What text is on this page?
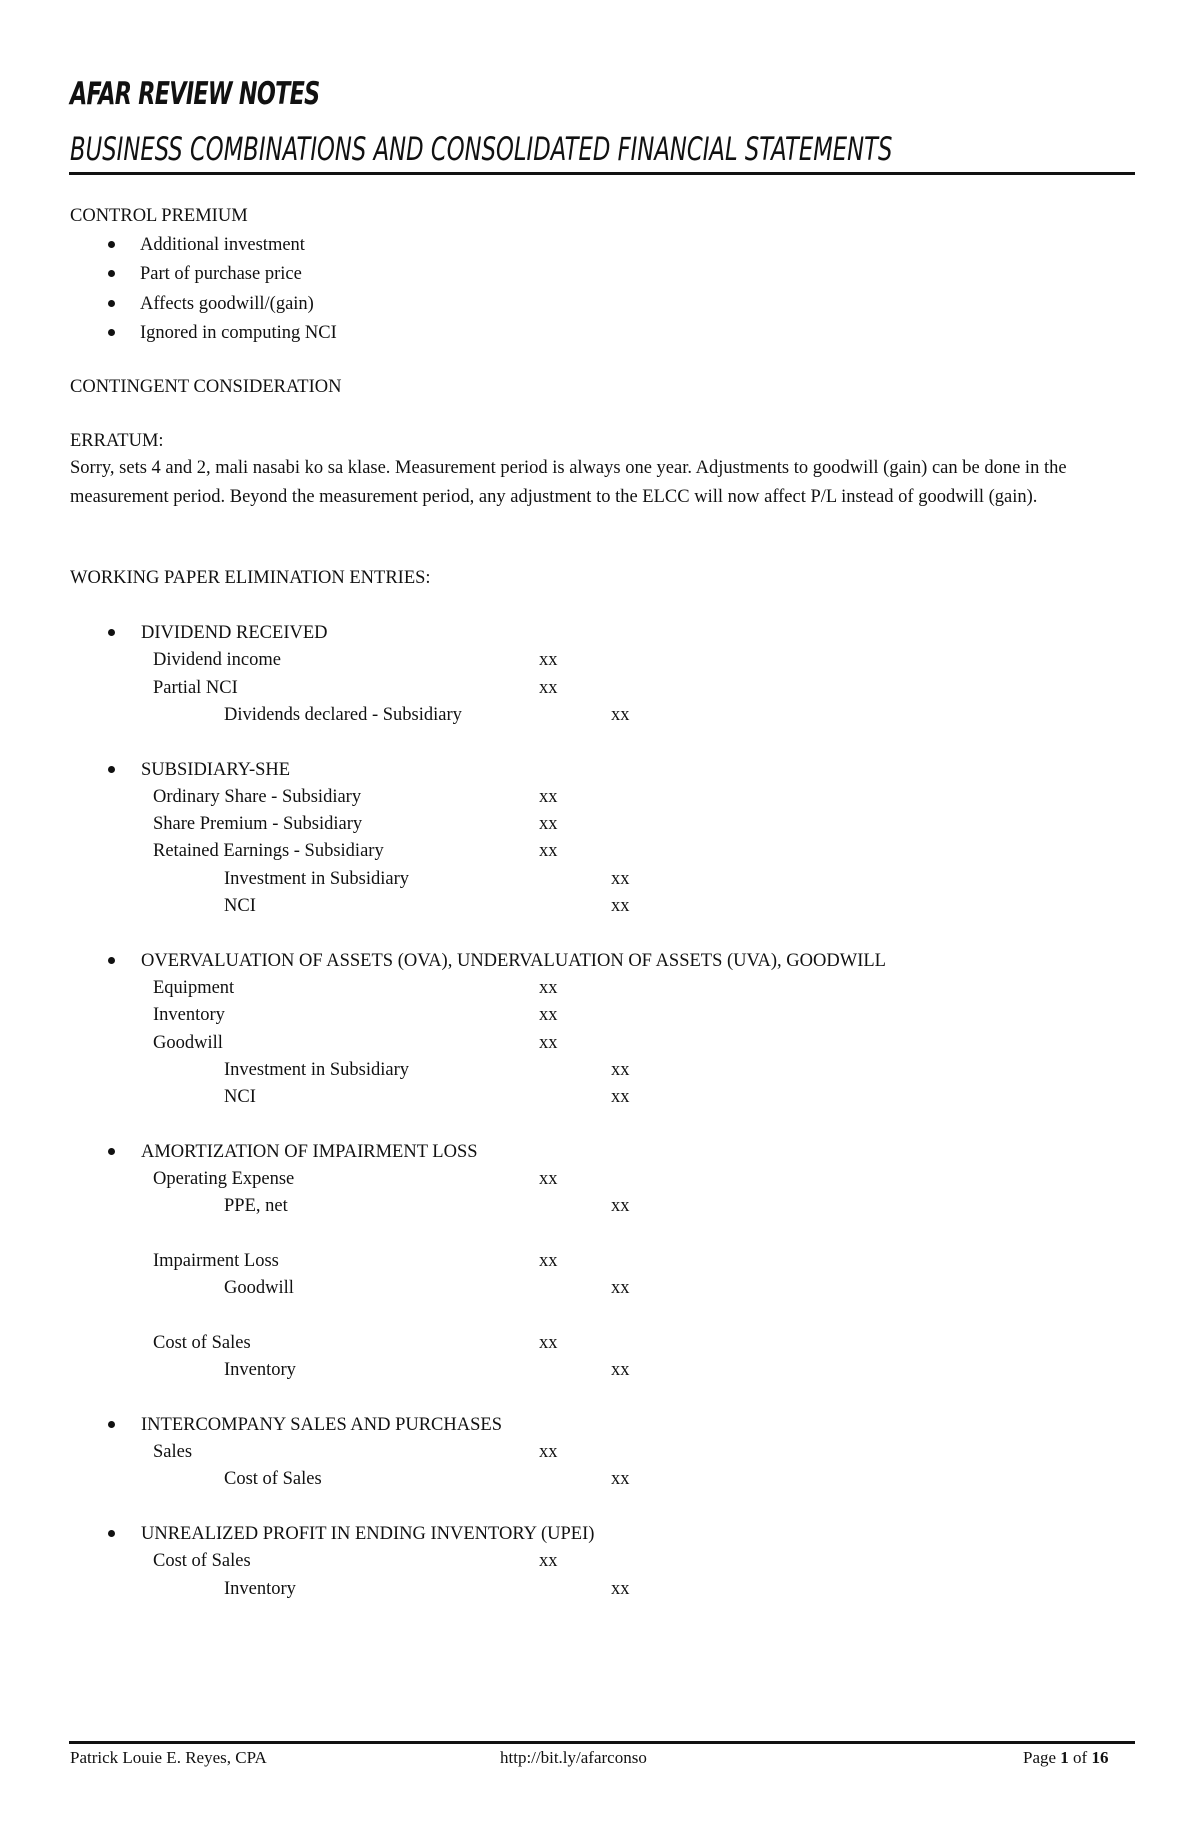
AFAR REVIEW NOTES
BUSINESS COMBINATIONS AND CONSOLIDATED FINANCIAL STATEMENTS
CONTROL PREMIUM
Additional investment
Part of purchase price
Affects goodwill/(gain)
Ignored in computing NCI
CONTINGENT CONSIDERATION
ERRATUM:
Sorry, sets 4 and 2, mali nasabi ko sa klase. Measurement period is always one year. Adjustments to goodwill (gain) can be done in the measurement period. Beyond the measurement period, any adjustment to the ELCC will now affect P/L instead of goodwill (gain).
WORKING PAPER ELIMINATION ENTRIES:
DIVIDEND RECEIVED
Dividend income	xx
Partial NCI	xx
Dividends declared - Subsidiary	xx
SUBSIDIARY-SHE
Ordinary Share - Subsidiary	xx
Share Premium - Subsidiary	xx
Retained Earnings - Subsidiary	xx
Investment in Subsidiary	xx
NCI	xx
OVERVALUATION OF ASSETS (OVA), UNDERVALUATION OF ASSETS (UVA), GOODWILL
Equipment	xx
Inventory	xx
Goodwill	xx
Investment in Subsidiary	xx
NCI	xx
AMORTIZATION OF IMPAIRMENT LOSS
Operating Expense	xx
PPE, net	xx
Impairment Loss	xx
Goodwill	xx
Cost of Sales	xx
Inventory	xx
INTERCOMPANY SALES AND PURCHASES
Sales	xx
Cost of Sales	xx
UNREALIZED PROFIT IN ENDING INVENTORY (UPEI)
Cost of Sales	xx
Inventory	xx
Patrick Louie E. Reyes, CPA	http://bit.ly/afarconso	Page 1 of 16
